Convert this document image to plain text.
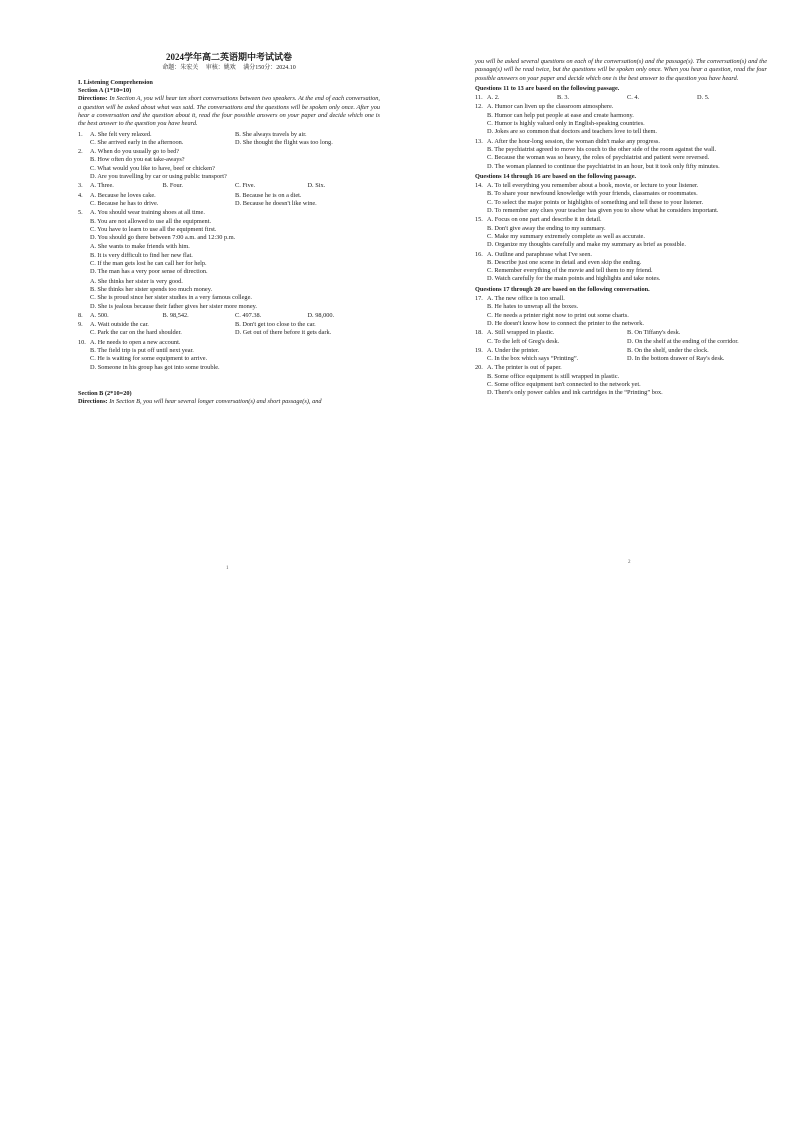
2024学年高二英语期中考试试卷
命题：朱宏关 审核：姚欢 满分150分：2024.10
I. Listening Comprehension
Section A (1*10=10)
Directions: In Section A, you will hear ten short conversations between two speakers. At the end of each conversation, a question will be asked about what was said. The conversations and the questions will be spoken only once. After you hear a conversation and the question about it, read the four possible answers on your paper and decide which one is the best answer to the question you have heard.
1.	A. She felt very relaxed.	B. She always travels by air.
C. She arrived early in the afternoon.	D. She thought the flight was too long.
2.	A. When do you usually go to bed?
B. How often do you eat take-aways?
C. What would you like to have, beef or chicken?
D. Are you travelling by car or using public transport?
3.	A. Three.	B. Four.	C. Five.	D. Six.
4.	A. Because he loves cake.	B. Because he is on a diet.
C. Because he has to drive.	D. Because he doesn't like wine.
5.	A. You should wear training shoes at all time.
B. You are not allowed to use all the equipment.
C. You have to learn to use all the equipment first.
D. You should go there between 7:00 a.m. and 12:30 p.m.
A. She wants to make friends with him.
B. It is very difficult to find her new flat.
C. If the man gets lost he can call her for help.
D. The man has a very poor sense of direction.
A. She thinks her sister is very good.
B. She thinks her sister spends too much money.
C. She is proud since her sister studies in a very famous college.
D. She is jealous because their father gives her sister more money.
8.	A. 500.	B. 98,542.	C. 497.38.	D. 98,000.
9.	A. Wait outside the car.	B. Don't get too close to the car.
C. Park the car on the hard shoulder.	D. Get out of there before it gets dark.
10. A. He needs to open a new account.
B. The field trip is put off until next year.
C. He is waiting for some equipment to arrive.
D. Someone in his group has got into some trouble.
Section B (2*10=20)
Directions: In Section B, you will hear several longer conversation(s) and short passage(s), and
1
you will be asked several questions on each of the conversation(s) and the passage(s). The conversation(s) and the passage(s) will be read twice, but the questions will be spoken only once. When you hear a question, read the four possible answers on your paper and decide which one is the best answer to the question you have heard.
Questions 11 to 13 are based on the following passage.
11. A. 2.	B. 3.	C. 4.	D. 5.
12. A. Humor can liven up the classroom atmosphere.
B. Humor can help put people at ease and create harmony.
C. Humor is highly valued only in English-speaking countries.
D. Jokes are so common that doctors and teachers love to tell them.
13. A. After the hour-long session, the woman didn't make any progress.
B. The psychiatrist agreed to move his couch to the other side of the room against the wall.
C. Because the woman was so heavy, the roles of psychiatrist and patient were reversed.
D. The woman planned to continue the psychiatrist in an hour, but it took only fifty minutes.
Questions 14 through 16 are based on the following passage.
14. A. To tell everything you remember about a book, movie, or lecture to your listener.
B. To share your newfound knowledge with your friends, classmates or roommates.
C. To select the major points or highlights of something and tell these to your listener.
D. To remember any clues your teacher has given you to show what he considers important.
15. A. Focus on one part and describe it in detail.
B. Don't give away the ending to my summary.
C. Make my summary extremely complete as well as accurate.
D. Organize my thoughts carefully and make my summary as brief as possible.
16. A. Outline and paraphrase what I've seen.
B. Describe just one scene in detail and even skip the ending.
C. Remember everything of the movie and tell them to my friend.
D. Watch carefully for the main points and highlights and take notes.
Questions 17 through 20 are based on the following conversation.
17. A. The new office is too small.
B. He hates to unwrap all the boxes.
C. He needs a printer right now to print out some charts.
D. He doesn't know how to connect the printer to the network.
18. A. Still wrapped in plastic.	B. On Tiffany's desk.
C. To the left of Greg's desk.	D. On the shelf at the ending of the corridor.
19. A. Under the printer.	B. On the shelf, under the clock.
C. In the box which says “Printing”.	D. In the bottom drawer of Ray's desk.
20. A. The printer is out of paper.
B. Some office equipment is still wrapped in plastic.
C. Some office equipment isn't connected to the network yet.
D. There's only power cables and ink cartridges in the “Printing” box.
2
